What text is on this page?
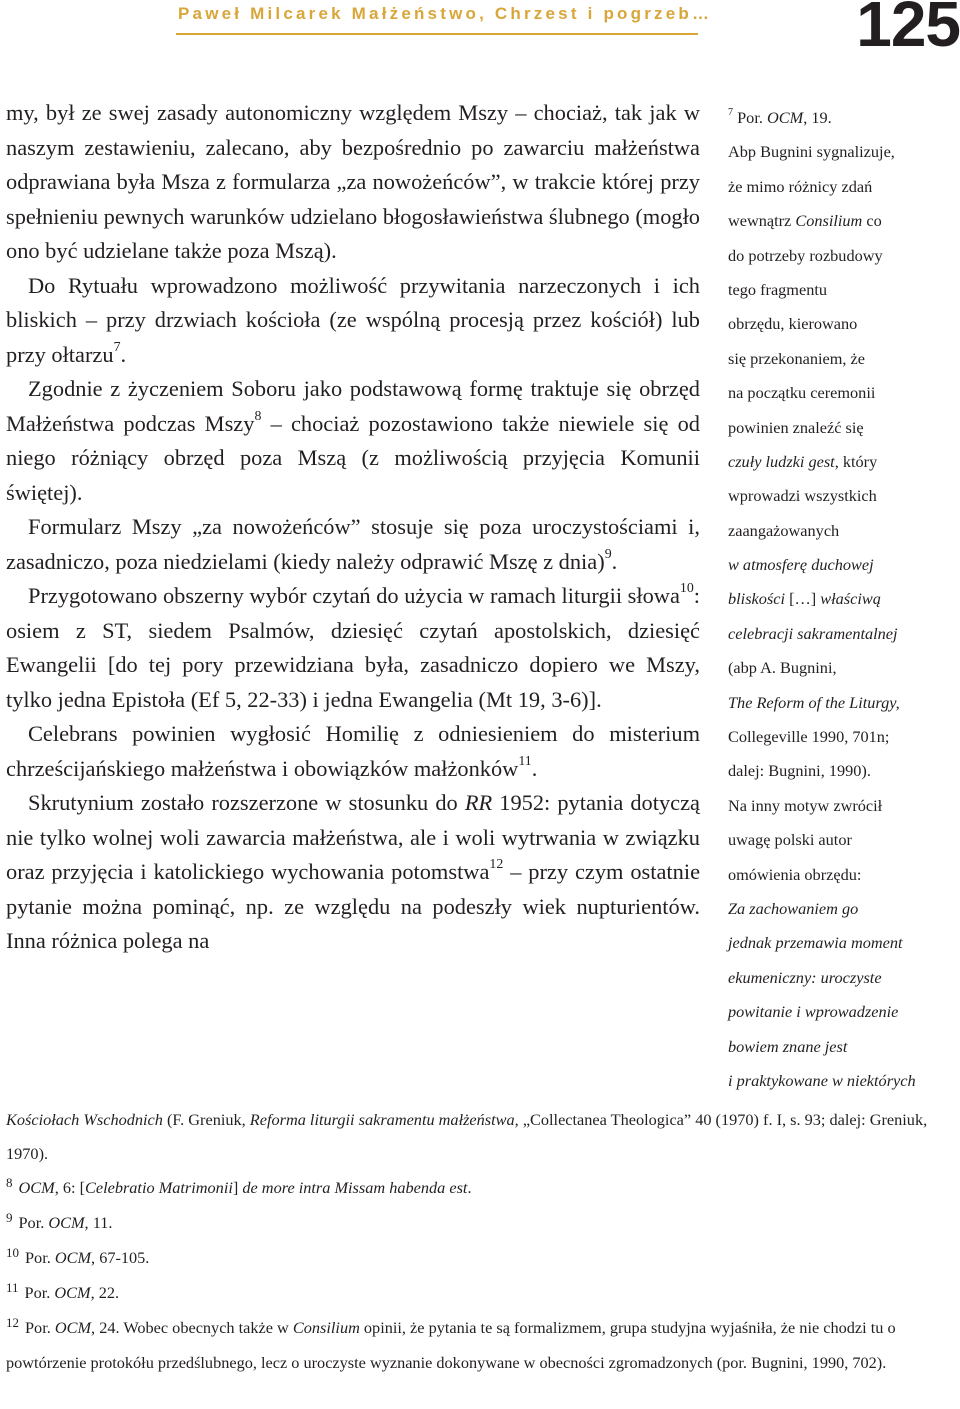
Paweł Milcarek Małżeństwo, Chrzest i pogrzeb… 125

my, był ze swej zasady autonomiczny względem Mszy – chociaż, tak jak w naszym zestawieniu, zalecano, aby bezpośrednio po zawarciu małżeństwa odprawiana była Msza z formularza „za nowożeńców”, w trakcie której przy spełnieniu pewnych warunków udzielano błogosławieństwa ślubnego (mogło ono być udzielane także poza Mszą).

Do Rytuału wprowadzono możliwość przywitania narzeczonych i ich bliskich – przy drzwiach kościoła (ze wspólną procesją przez kościół) lub przy ołtarzu$^7$.

Zgodnie z życzeniem Soboru jako podstawową formę traktuje się obrzęd Małżeństwa podczas Mszy$^8$ – chociaż pozostawiono także niewiele się od niego różniący obrzęd poza Mszą (z możliwością przyjęcia Komunii świętej).

Formularz Mszy „za nowożeńców” stosuje się poza uroczystościami i, zasadniczo, poza niedzielami (kiedy należy odprawić Mszę z dnia)$^9$.

Przygotowano obszerny wybór czytań do użycia w ramach liturgii słowa$^{10}$: osiem z ST, siedem Psalmów, dziesięć czytań apostolskich, dziesięć Ewangelii [do tej pory przewidziana była, zasadniczo dopiero we Mszy, tylko jedna Epistoła (Ef 5, 22-33) i jedna Ewangelia (Mt 19, 3-6)].

Celebrans powinien wygłosić Homilię z odniesieniem do misterium chrześcijańskiego małżeństwa i obowiązków małżonków$^{11}$.

Skrutynium zostało rozszerzone w stosunku do RR 1952: pytania dotyczą nie tylko wolnej woli zawarcia małżeństwa, ale i woli wytrwania w związku oraz przyjęcia i katolickiego wychowania potomstwa$^{12}$ – przy czym ostatnie pytanie można pominąć, np. ze względu na podeszły wiek nupturientów. Inna różnica polega na

$^7$ Por. OCM, 19.
Abp Bugnini sygnalizuje,
że mimo różnicy zdań
wewnątrz Consilium co
do potrzeby rozbudowy
tego fragmentu
obrzędu, kierowano
się przekonaniem, że
na początku ceremonii
powinien znaleźć się
czuły ludzki gest, który
wprowadzi wszystkich
zaangażowanych
w atmosferę duchowej
bliskości […] właściwą
celebracji sakramentalnej
(abp A. Bugnini,
The Reform of the Liturgy,
Collegeville 1990, 701n;
dalej: Bugnini, 1990).
Na inny motyw zwrócił
uwagę polski autor
omówienia obrzędu:
Za zachowaniem go
jednak przemawia moment
ekumeniczny: uroczyste
powitanie i wprowadzenie
bowiem znane jest
i praktykowane w niektórych

Kościołach Wschodnich (F. Greniuk, Reforma liturgii sakramentu małżeństwa, „Collectanea Theologica” 40 (1970) f. I, s. 93; dalej: Greniuk, 1970).

$^8$ OCM, 6: [Celebratio Matrimonii] de more intra Missam habenda est.

$^9$ Por. OCM, 11.

$^{10}$ Por. OCM, 67-105.

$^{11}$ Por. OCM, 22.

$^{12}$ Por. OCM, 24. Wobec obecnych także w Consilium opinii, że pytania te są formalizmem, grupa studyjna wyjaśniła, że nie chodzi tu o powtórzenie protokółu przedślubnego, lecz o uroczyste wyznanie dokonywane w obecności zgromadzonych (por. Bugnini, 1990, 702).
